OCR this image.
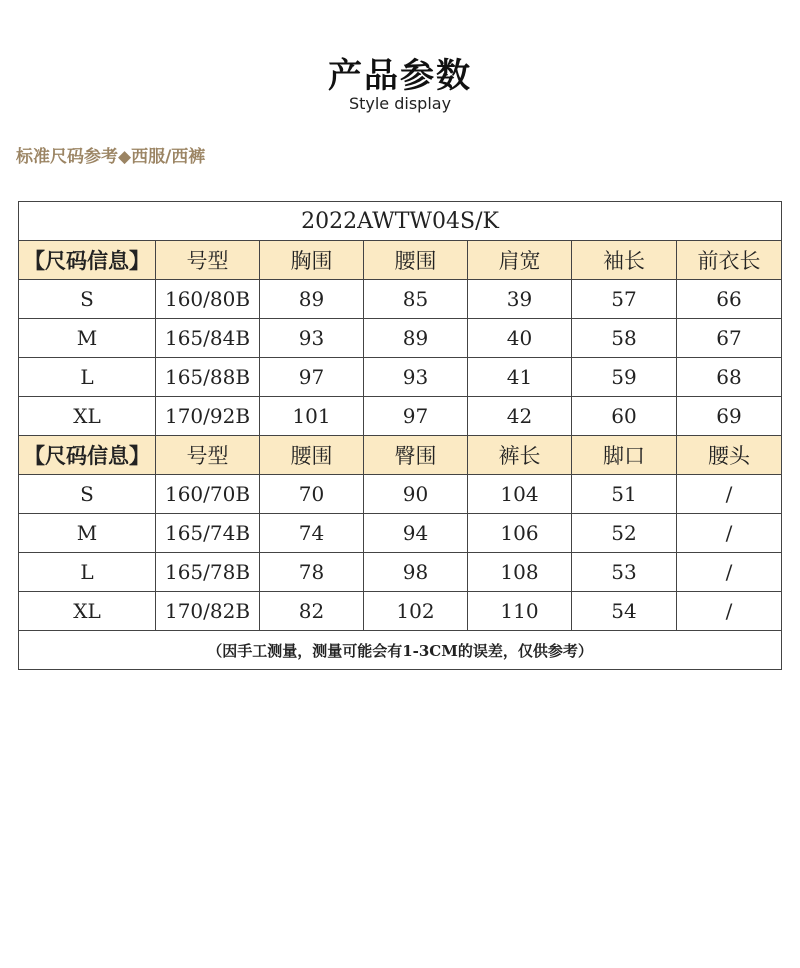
产品参数
Style display
标准尺码参考◆西服/西裤
2022AWTW04S/K						
【尺码信息】	号型	胸围	腰围	肩宽	袖长	前衣长
S	160/80B	89	85	39	57	66
M	165/84B	93	89	40	58	67
L	165/88B	97	93	41	59	68
XL	170/92B	101	97	42	60	69
【尺码信息】	号型	腰围	臀围	裤长	脚口	腰头
S	160/70B	70	90	104	51	/
M	165/74B	74	94	106	52	/
L	165/78B	78	98	108	53	/
XL	170/82B	82	102	110	54	/
（因手工测量，测量可能会有1-3CM的误差，仅供参考）						
